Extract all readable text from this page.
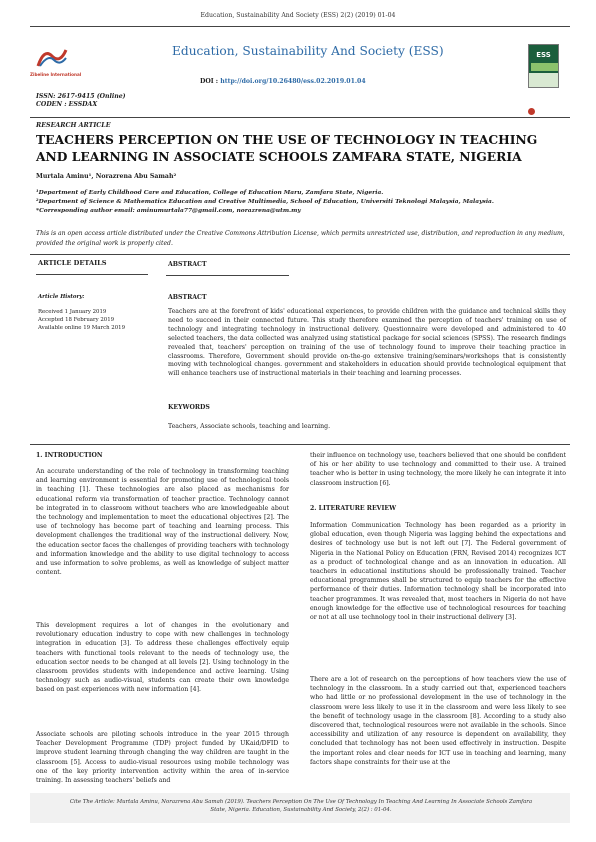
Education, Sustainability And Society (ESS) 2(2) (2019) 01-04
Zibeline International
Education, Sustainability And Society (ESS)
DOI : http://doi.org/10.26480/ess.02.2019.01.04
ISSN: 2617-9415 (Online)
CODEN : ESSDAX
ESS
RESEARCH ARTICLE
TEACHERS PERCEPTION ON THE USE OF TECHNOLOGY IN TEACHING AND LEARNING IN ASSOCIATE SCHOOLS ZAMFARA STATE, NIGERIA
Murtala Aminu¹, Norazrena Abu Samah²
¹Department of Early Childhood Care and Education, College of Education Maru, Zamfara State, Nigeria.
²Department of Science & Mathematics Education and Creative Multimedia, School of Education, Universiti Teknologi Malaysia, Malaysia.
*Corresponding author email: aminumurtala77@gmail.com, norazrena@utm.my
This is an open access article distributed under the Creative Commons Attribution License, which permits unrestricted use, distribution, and reproduction in any medium, provided the original work is properly cited.
ARTICLE DETAILS
Article History:
Received 1 January 2019
Accepted 18 February 2019
Available online 19 March 2019
ABSTRACT
ABSTRACT
Teachers are at the forefront of kids' educational experiences, to provide children with the guidance and technical skills they need to succeed in their connected future. This study therefore examined the perception of teachers' training on use of technology and integrating technology in instructional delivery. Questionnaire were developed and administered to 40 selected teachers, the data collected was analyzed using statistical package for social sciences (SPSS). The research findings revealed that, teachers' perception on training of the use of technology found to improve their teaching practice in classrooms. Therefore, Government should provide on-the-go extensive training/seminars/workshops that is consistently moving with technological changes. government and stakeholders in education should provide technological equipment that will enhance teachers use of instructional materials in their teaching and learning processes.
KEYWORDS
Teachers, Associate schools, teaching and learning.
1. INTRODUCTION
An accurate understanding of the role of technology in transforming teaching and learning environment is essential for promoting use of technological tools in teaching [1]. These technologies are also placed as mechanisms for educational reform via transformation of teacher practice. Technology cannot be integrated in to classroom without teachers who are knowledgeable about the technology and implementation to meet the educational objectives [2]. The use of technology has become part of teaching and learning process. This development challenges the traditional way of the instructional delivery. Now, the education sector faces the challenges of providing teachers with technology and information knowledge and the ability to use digital technology to access and use information to solve problems, as well as knowledge of subject matter content.
This development requires a lot of changes in the evolutionary and revolutionary education industry to cope with new challenges in technology integration in education [3]. To address these challenges effectively equip teachers with functional tools relevant to the needs of technology use, the education sector needs to be changed at all levels [2]. Using technology in the classroom provides students with independence and active learning. Using technology such as audio-visual, students can create their own knowledge based on past experiences with new information [4].
Associate schools are piloting schools introduce in the year 2015 through Teacher Development Programme (TDP) project funded by UKaid/DFID to improve student learning through changing the way children are taught in the classroom [5]. Access to audio-visual resources using mobile technology was one of the key priority intervention activity within the area of in-service training. In assessing teachers' beliefs and
their influence on technology use, teachers believed that one should be confident of his or her ability to use technology and committed to their use. A trained teacher who is better in using technology, the more likely he can integrate it into classroom instruction [6].
2. LITERATURE REVIEW
Information Communication Technology has been regarded as a priority in global education, even though Nigeria was lagging behind the expectations and desires of technology use but is not left out [7]. The Federal government of Nigeria in the National Policy on Education (FRN, Revised 2014) recognizes ICT as a product of technological change and as an innovation in education. All teachers in educational institutions should be professionally trained. Teacher educational programmes shall be structured to equip teachers for the effective performance of their duties. Information technology shall be incorporated into teacher programmes. It was revealed that, most teachers in Nigeria do not have enough knowledge for the effective use of technological resources for teaching or not at all use technology tool in their instructional delivery [3].
There are a lot of research on the perceptions of how teachers view the use of technology in the classroom. In a study carried out that, experienced teachers who had little or no professional development in the use of technology in the classroom were less likely to use it in the classroom and were less likely to see the benefit of technology usage in the classroom [8]. According to a study also discovered that, technological resources were not available in the schools. Since accessibility and utilization of any resource is dependent on availability, they concluded that technology has not been used effectively in instruction. Despite the important roles and clear needs for ICT use in teaching and learning, many factors shape constraints for their use at the
Cite The Article: Murtala Aminu, Norazrena Abu Samah (2019). Teachers Perception On The Use Of Technology In Teaching And Learning In Associate Schools Zamfara
State, Nigeria. Education, Sustainability And Society, 2(2) : 01-04.
